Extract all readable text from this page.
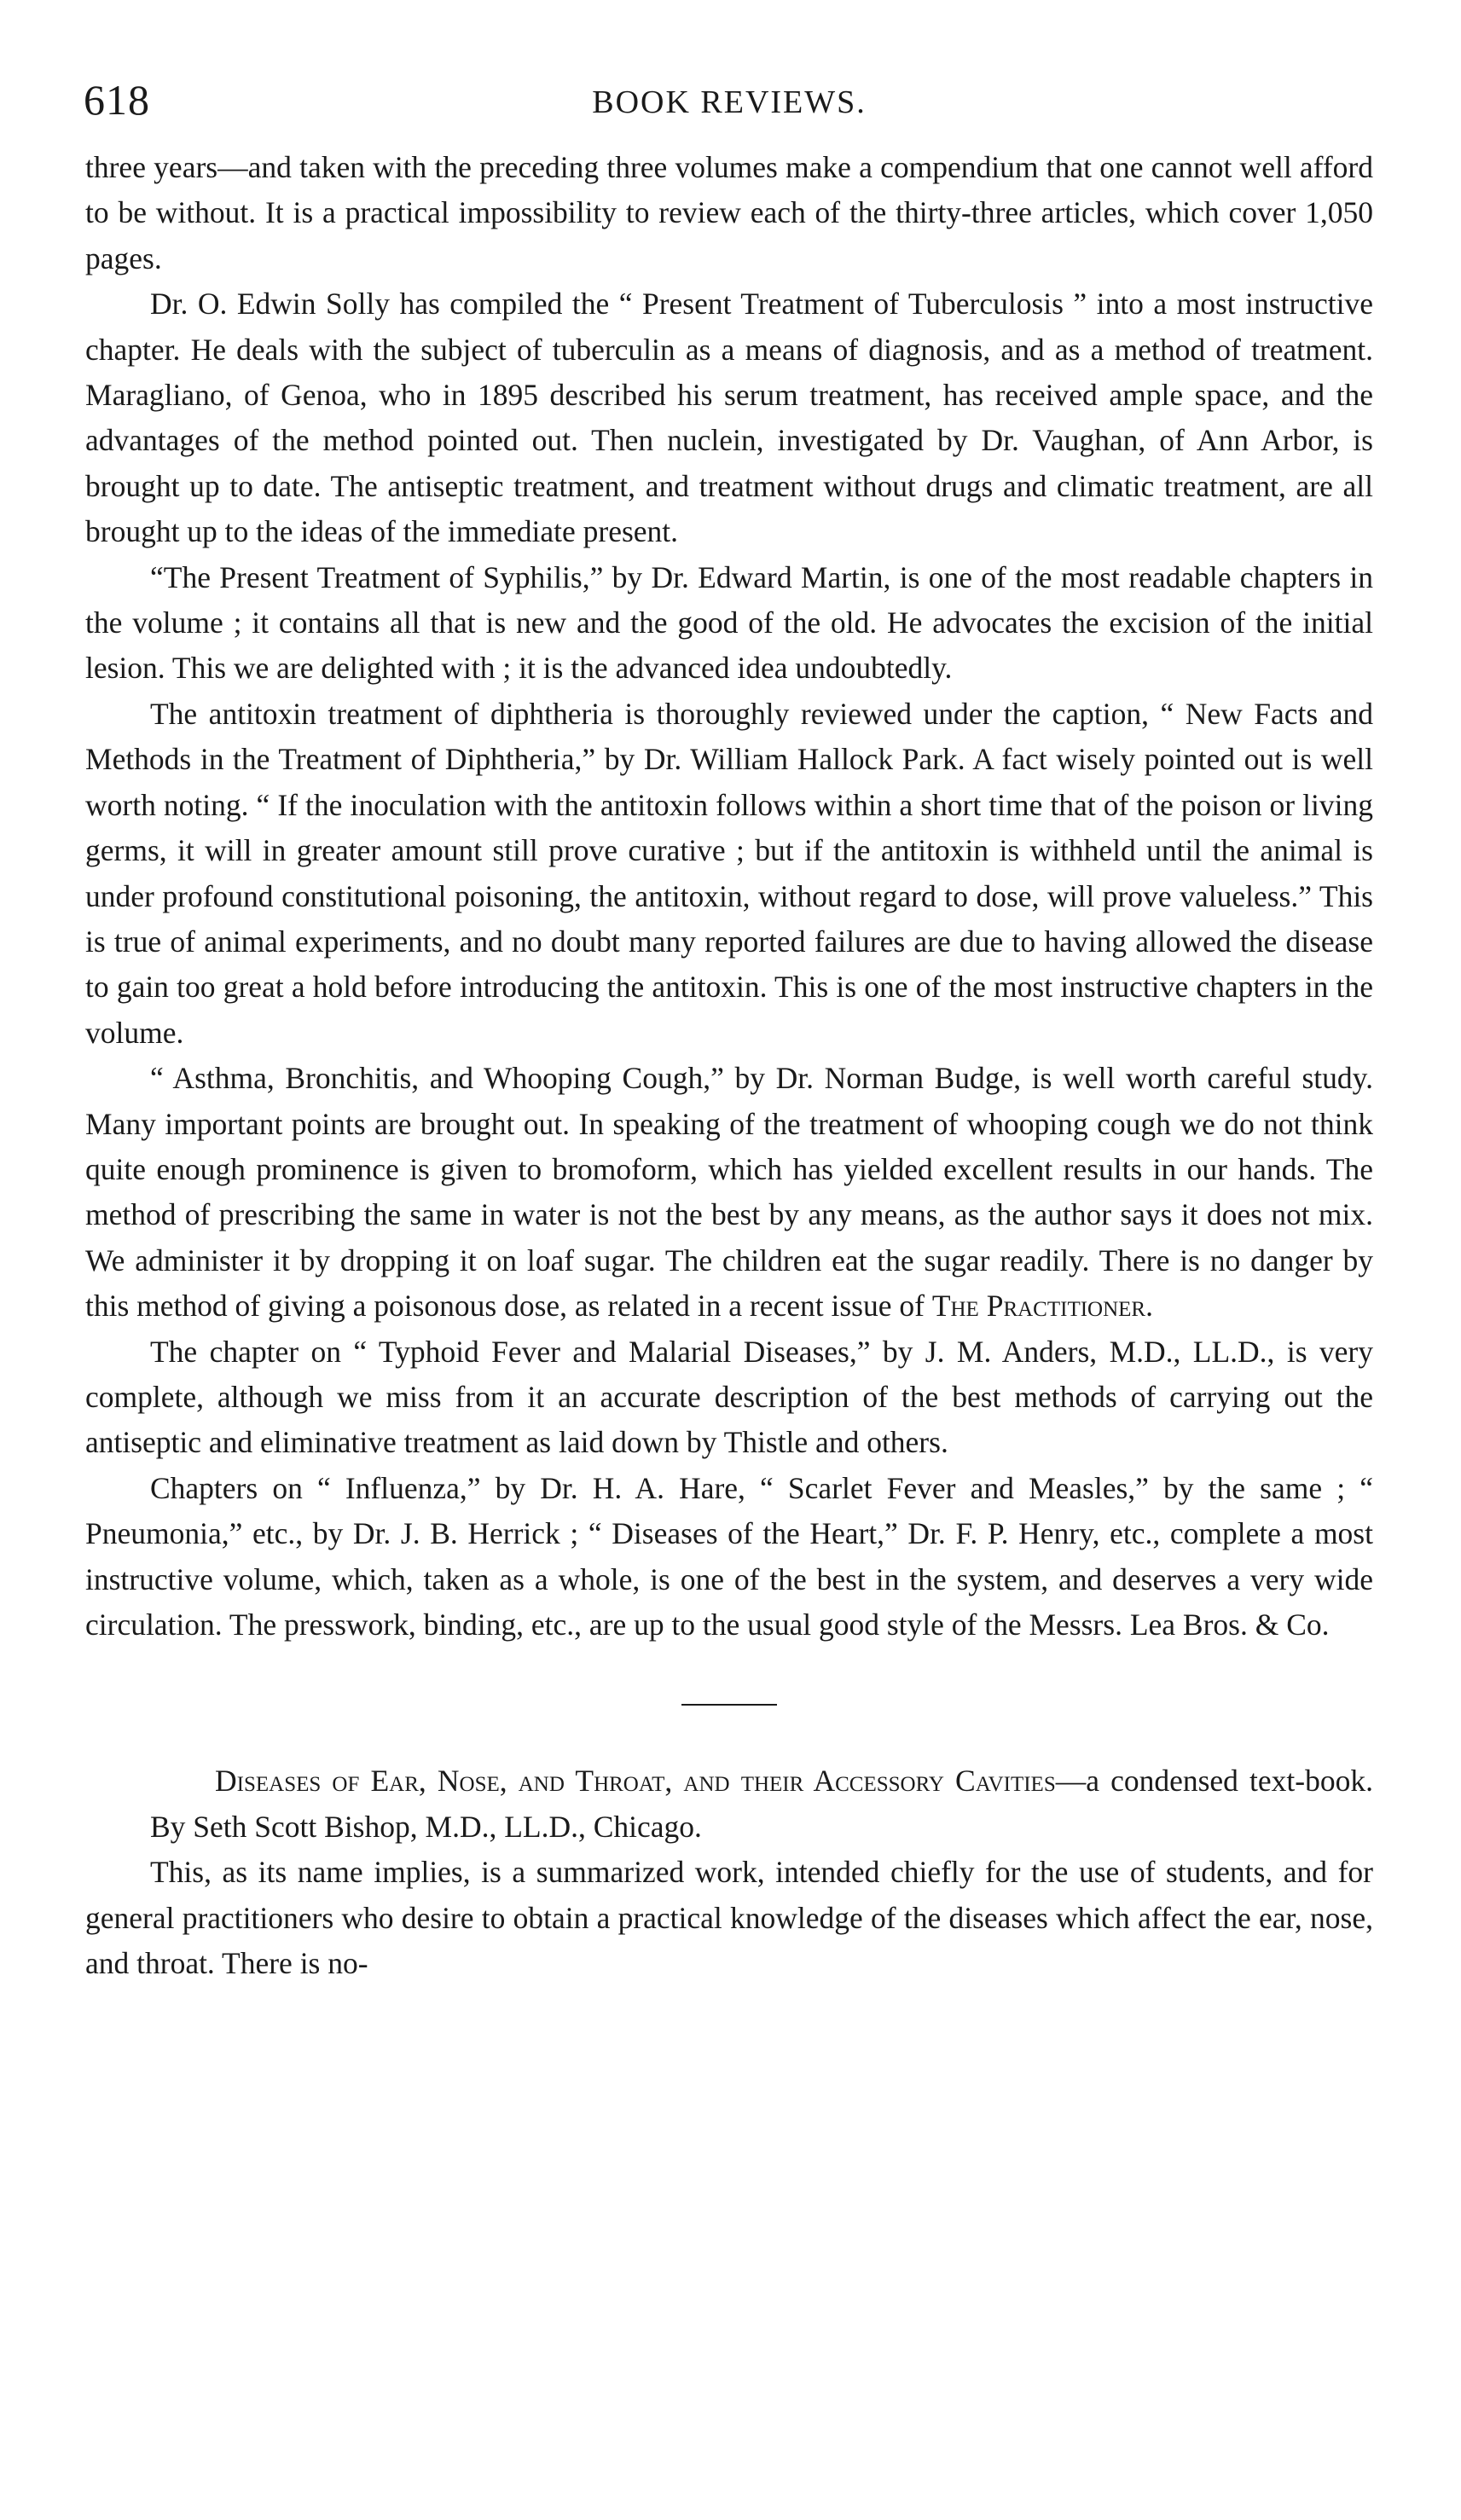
618	BOOK REVIEWS.

three years—and taken with the preceding three volumes make a compendium that one cannot well afford to be without. It is a practical impossibility to review each of the thirty-three articles, which cover 1,050 pages.

Dr. O. Edwin Solly has compiled the “ Present Treatment of Tuberculosis ” into a most instructive chapter. He deals with the subject of tuberculin as a means of diagnosis, and as a method of treatment. Maragliano, of Genoa, who in 1895 described his serum treatment, has received ample space, and the advantages of the method pointed out. Then nuclein, investigated by Dr. Vaughan, of Ann Arbor, is brought up to date. The antiseptic treatment, and treatment without drugs and climatic treatment, are all brought up to the ideas of the immediate present.

“The Present Treatment of Syphilis,” by Dr. Edward Martin, is one of the most readable chapters in the volume ; it contains all that is new and the good of the old. He advocates the excision of the initial lesion. This we are delighted with ; it is the advanced idea undoubtedly.

The antitoxin treatment of diphtheria is thoroughly reviewed under the caption, “ New Facts and Methods in the Treatment of Diphtheria,” by Dr. William Hallock Park. A fact wisely pointed out is well worth noting. “ If the inoculation with the antitoxin follows within a short time that of the poison or living germs, it will in greater amount still prove curative ; but if the antitoxin is withheld until the animal is under profound constitutional poisoning, the antitoxin, without regard to dose, will prove valueless.” This is true of animal experiments, and no doubt many reported failures are due to having allowed the disease to gain too great a hold before introducing the antitoxin. This is one of the most instructive chapters in the volume.

“ Asthma, Bronchitis, and Whooping Cough,” by Dr. Norman Budge, is well worth careful study. Many important points are brought out. In speaking of the treatment of whooping cough we do not think quite enough prominence is given to bromoform, which has yielded excellent results in our hands. The method of prescribing the same in water is not the best by any means, as the author says it does not mix. We administer it by dropping it on loaf sugar. The children eat the sugar readily. There is no danger by this method of giving a poisonous dose, as related in a recent issue of The Practitioner.

The chapter on “ Typhoid Fever and Malarial Diseases,” by J. M. Anders, M.D., LL.D., is very complete, although we miss from it an accurate description of the best methods of carrying out the antiseptic and eliminative treatment as laid down by Thistle and others.

Chapters on “ Influenza,” by Dr. H. A. Hare, “ Scarlet Fever and Measles,” by the same ; “ Pneumonia,” etc., by Dr. J. B. Herrick ; “ Diseases of the Heart,” Dr. F. P. Henry, etc., complete a most instructive volume, which, taken as a whole, is one of the best in the system, and deserves a very wide circulation. The presswork, binding, etc., are up to the usual good style of the Messrs. Lea Bros. & Co.

Diseases of Ear, Nose, and Throat, and their Accessory Cavities—a condensed text-book. By Seth Scott Bishop, M.D., LL.D., Chicago.

This, as its name implies, is a summarized work, intended chiefly for the use of students, and for general practitioners who desire to obtain a practical knowledge of the diseases which affect the ear, nose, and throat. There is no-
